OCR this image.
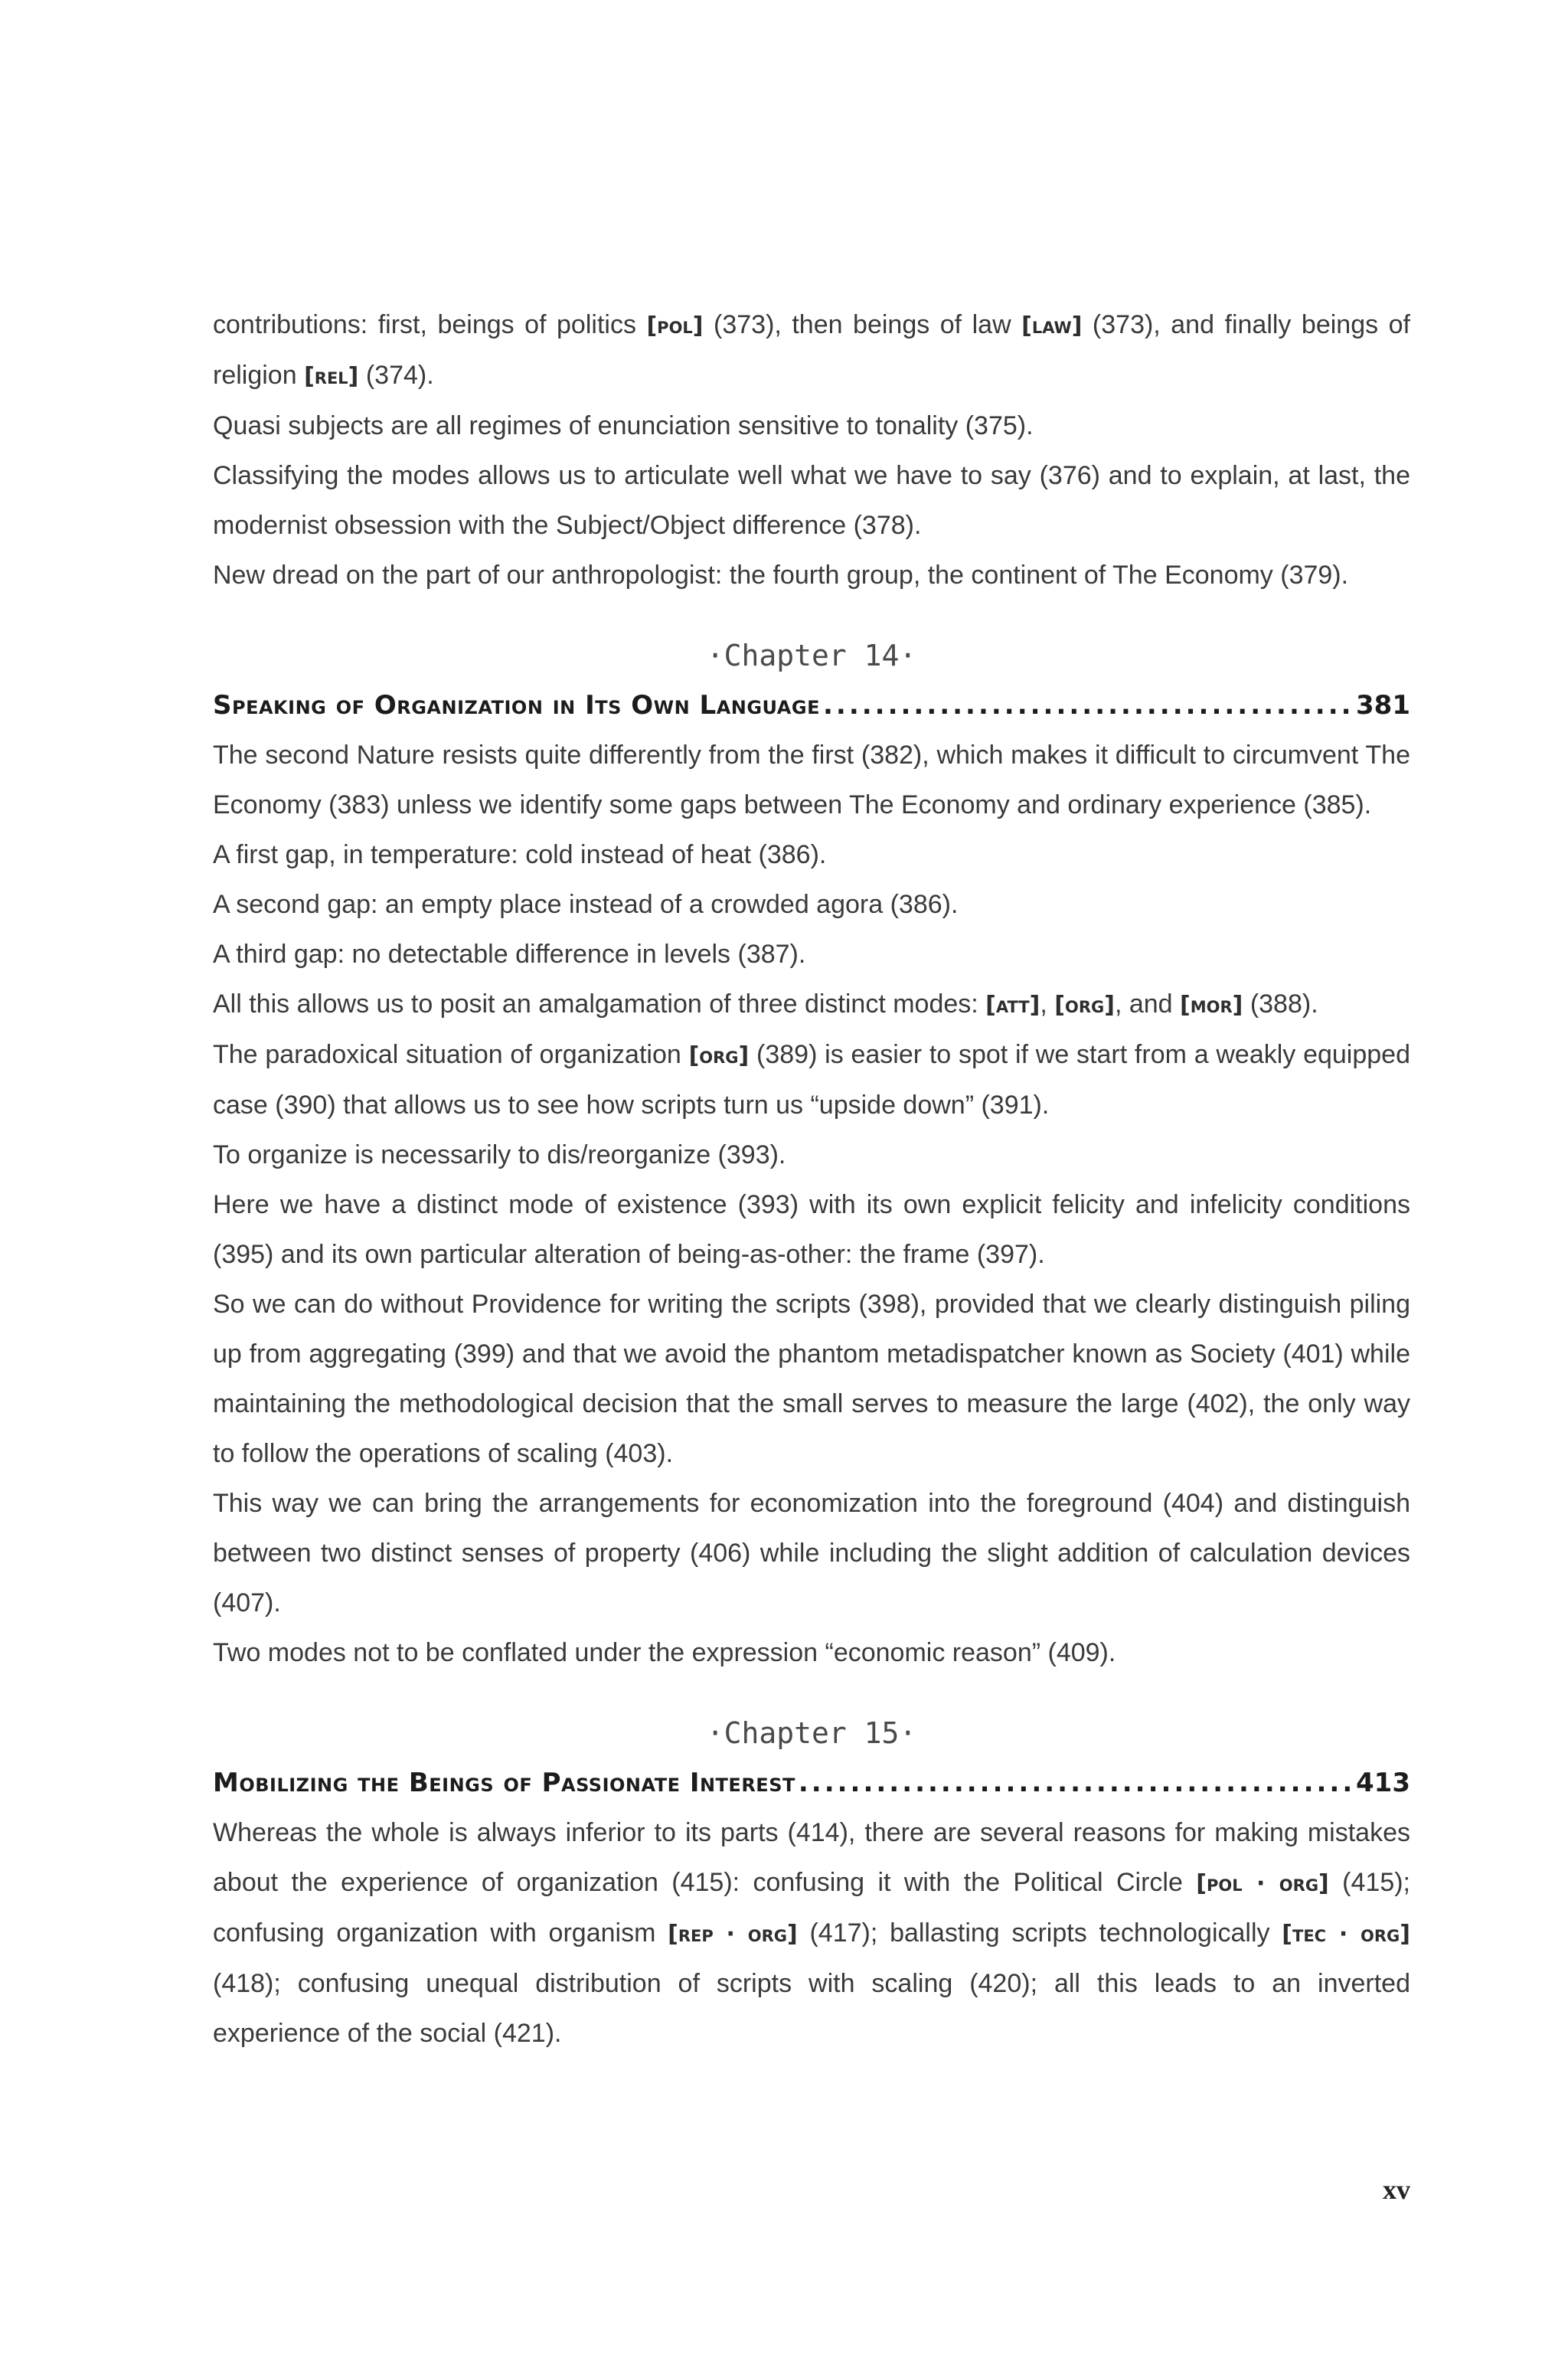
contributions: first, beings of politics [pol] (373), then beings of law [law] (373), and finally beings of religion [rel] (374).

Quasi subjects are all regimes of enunciation sensitive to tonality (375).

Classifying the modes allows us to articulate well what we have to say (376) and to explain, at last, the modernist obsession with the Subject/Object difference (378).

New dread on the part of our anthropologist: the fourth group, the continent of The Economy (379).

·Chapter 14·
Speaking of Organization in Its Own Language .....	381

The second Nature resists quite differently from the first (382), which makes it difficult to circumvent The Economy (383) unless we identify some gaps between The Economy and ordinary experience (385).

A first gap, in temperature: cold instead of heat (386).

A second gap: an empty place instead of a crowded agora (386).

A third gap: no detectable difference in levels (387).

All this allows us to posit an amalgamation of three distinct modes: [att], [org], and [mor] (388).

The paradoxical situation of organization [org] (389) is easier to spot if we start from a weakly equipped case (390) that allows us to see how scripts turn us “upside down” (391).

To organize is necessarily to dis/reorganize (393).

Here we have a distinct mode of existence (393) with its own explicit felicity and infelicity conditions (395) and its own particular alteration of being-as-other: the frame (397).

So we can do without Providence for writing the scripts (398), provided that we clearly distinguish piling up from aggregating (399) and that we avoid the phantom metadispatcher known as Society (401) while maintaining the methodological decision that the small serves to measure the large (402), the only way to follow the operations of scaling (403).

This way we can bring the arrangements for economization into the foreground (404) and distinguish between two distinct senses of property (406) while including the slight addition of calculation devices (407).

Two modes not to be conflated under the expression “economic reason” (409).

·Chapter 15·
Mobilizing the Beings of Passionate Interest .....	413

Whereas the whole is always inferior to its parts (414), there are several reasons for making mistakes about the experience of organization (415): confusing it with the Political Circle [pol · org] (415); confusing organization with organism [rep · org] (417); ballasting scripts technologically [tec · org] (418); confusing unequal distribution of scripts with scaling (420); all this leads to an inverted experience of the social (421).

xv
